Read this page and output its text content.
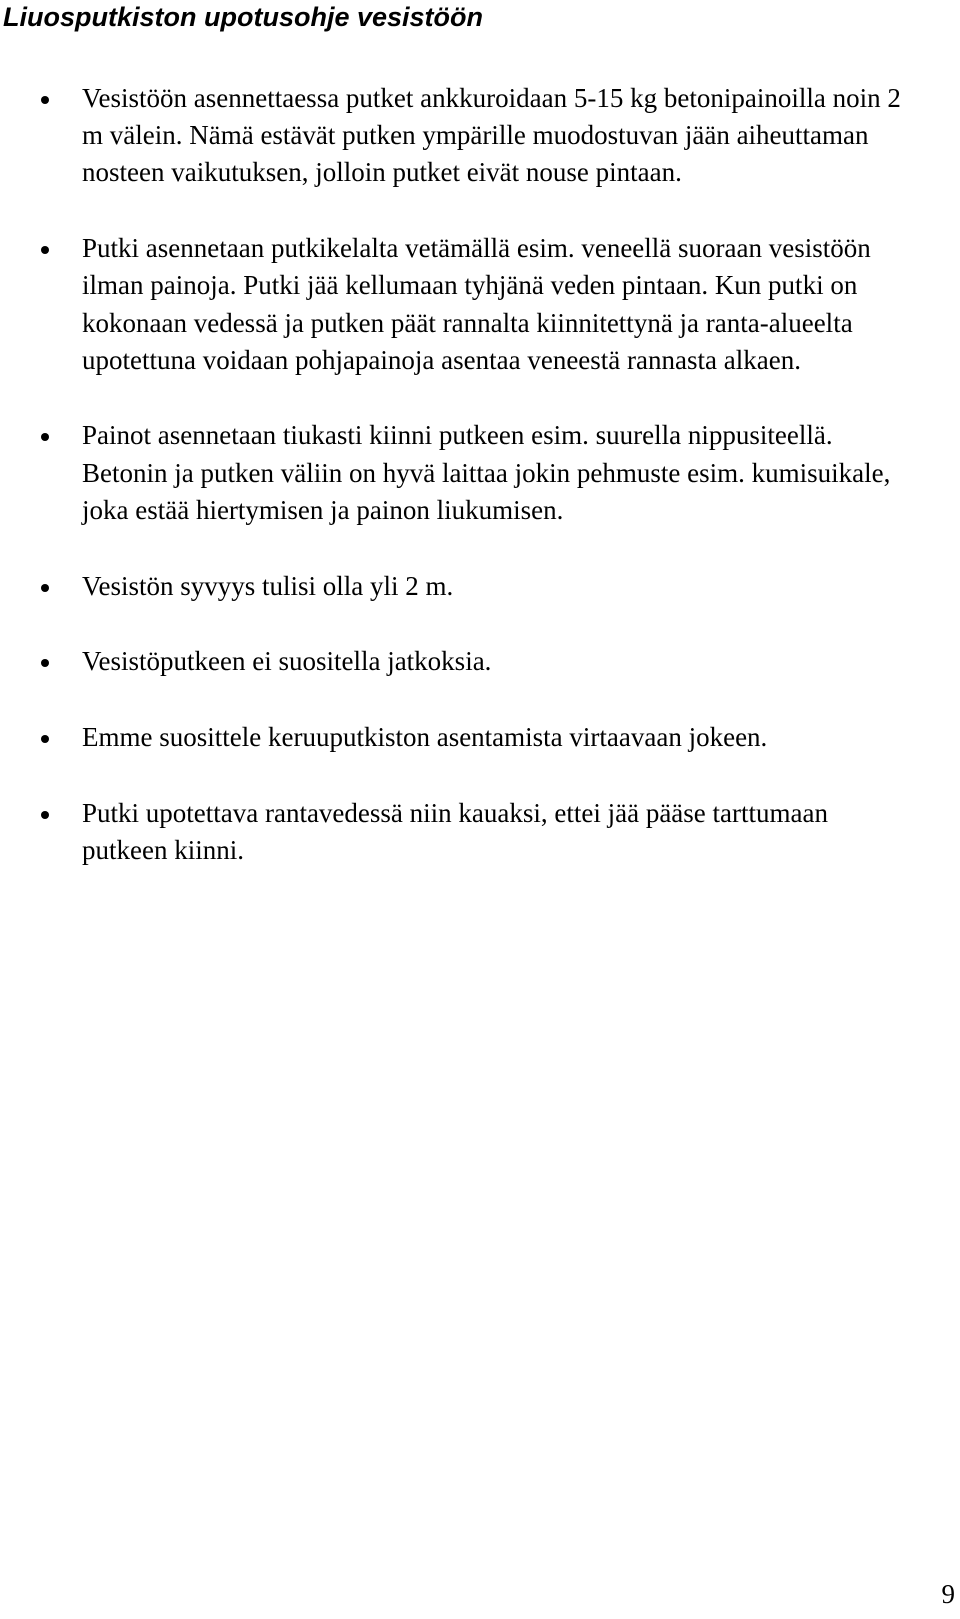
Liuosputkiston upotusohje vesistöön
Vesistöön asennettaessa putket ankkuroidaan 5-15 kg betonipainoilla noin 2 m välein. Nämä estävät putken ympärille muodostuvan jään aiheuttaman nosteen vaikutuksen, jolloin putket eivät nouse pintaan.
Putki asennetaan putkikelalta vetämällä esim. veneellä suoraan vesistöön ilman painoja. Putki jää kellumaan tyhjänä veden pintaan. Kun putki on kokonaan vedessä ja putken päät rannalta kiinnitettynä ja ranta-alueelta upotettuna voidaan pohjapainoja asentaa veneestä rannasta alkaen.
Painot asennetaan tiukasti kiinni putkeen esim. suurella nippusiteellä. Betonin ja putken väliin on hyvä laittaa jokin pehmuste esim. kumisuikale, joka estää hiertymisen ja painon liukumisen.
Vesistön syvyys tulisi olla yli 2 m.
Vesistöputkeen ei suositella jatkoksia.
Emme suosittele keruuputkiston asentamista virtaavaan jokeen.
Putki upotettava rantavedessä niin kauaksi, ettei jää pääse tarttumaan putkeen kiinni.
9
